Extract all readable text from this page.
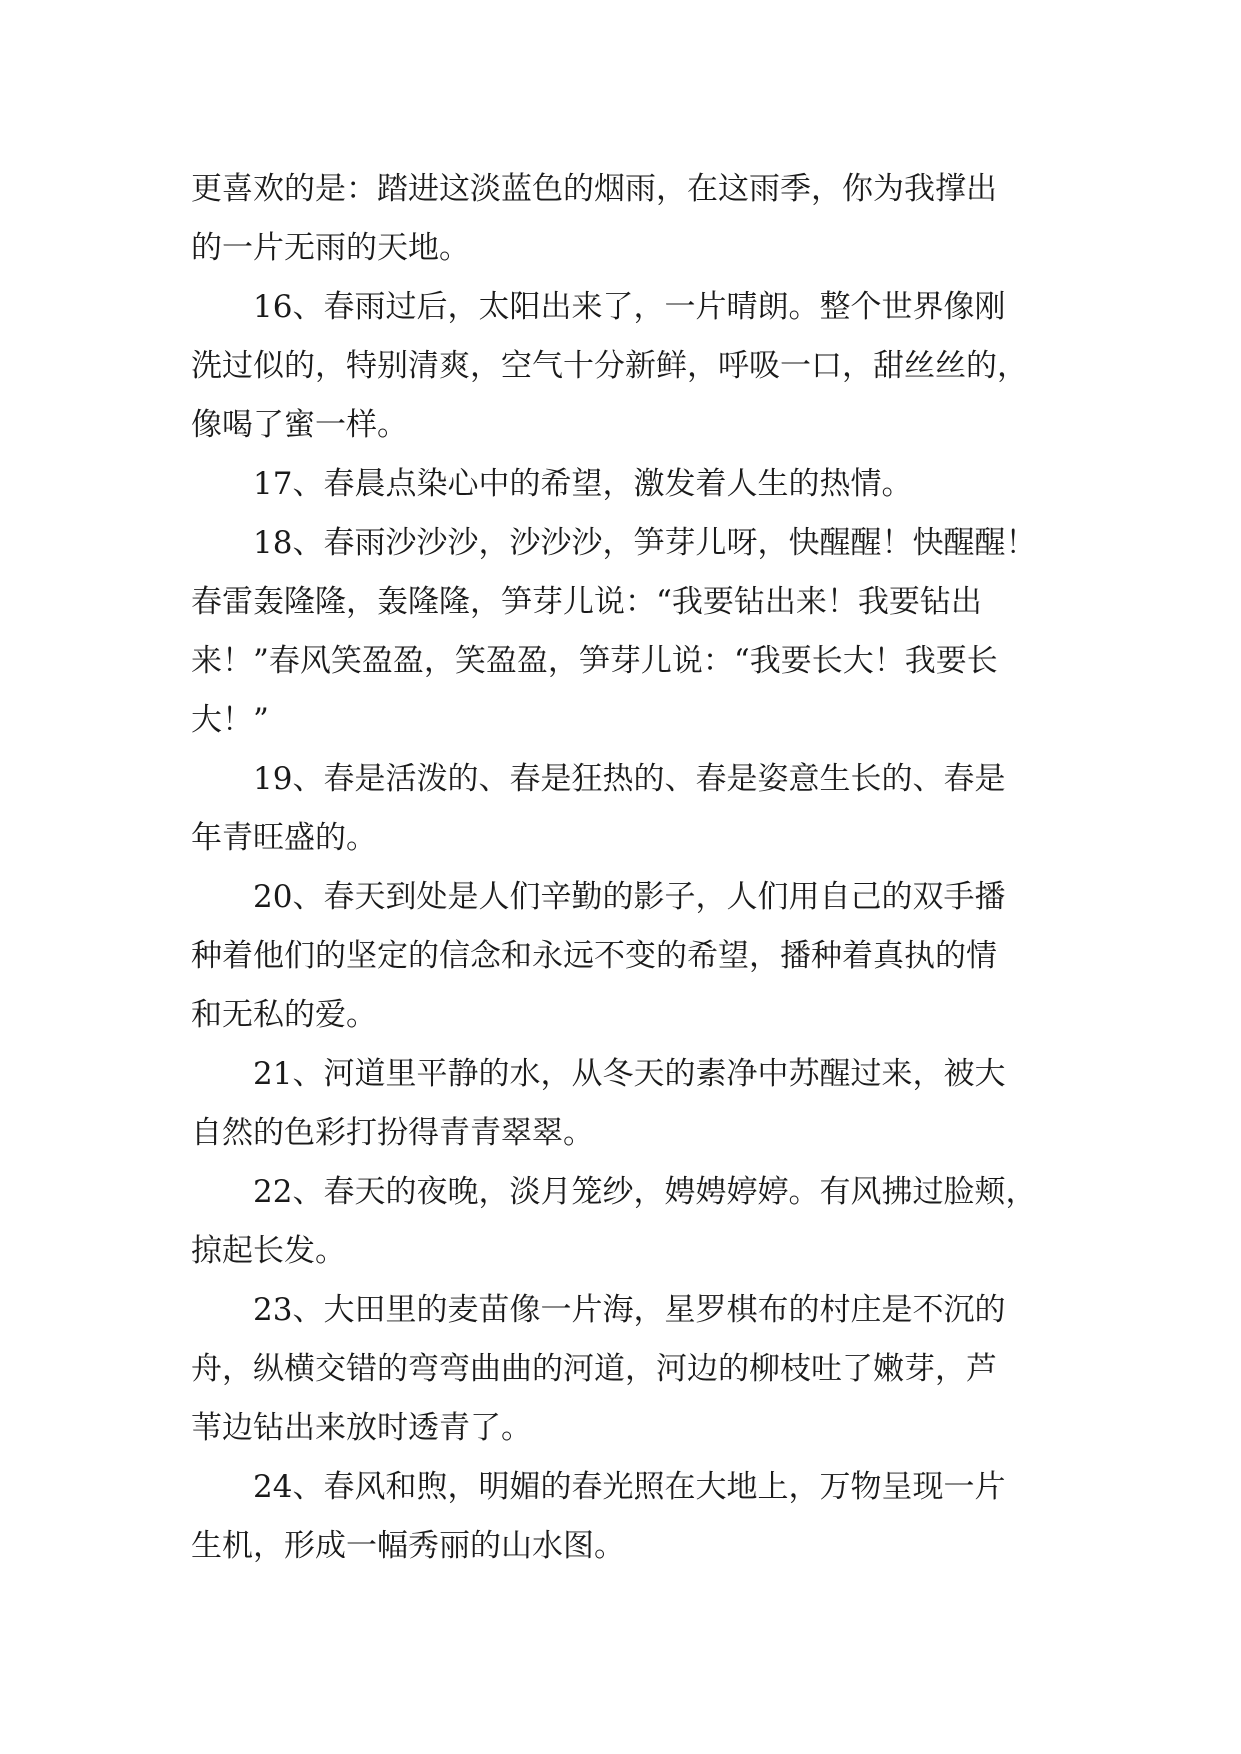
更喜欢的是：踏进这淡蓝色的烟雨，在这雨季，你为我撑出
的一片无雨的天地。
16、春雨过后，太阳出来了，一片晴朗。整个世界像刚
洗过似的，特别清爽，空气十分新鲜，呼吸一口，甜丝丝的，
像喝了蜜一样。
17、春晨点染心中的希望，激发着人生的热情。
18、春雨沙沙沙，沙沙沙，笋芽儿呀，快醒醒！快醒醒！
春雷轰隆隆，轰隆隆，笋芽儿说：“我要钻出来！我要钻出
来！”春风笑盈盈，笑盈盈，笋芽儿说：“我要长大！我要长
大！”
19、春是活泼的、春是狂热的、春是姿意生长的、春是
年青旺盛的。
20、春天到处是人们辛勤的影子，人们用自己的双手播
种着他们的坚定的信念和永远不变的希望，播种着真执的情
和无私的爱。
21、河道里平静的水，从冬天的素净中苏醒过来，被大
自然的色彩打扮得青青翠翠。
22、春天的夜晚，淡月笼纱，娉娉婷婷。有风拂过脸颊，
掠起长发。
23、大田里的麦苗像一片海，星罗棋布的村庄是不沉的
舟，纵横交错的弯弯曲曲的河道，河边的柳枝吐了嫩芽，芦
苇边钻出来放时透青了。
24、春风和煦，明媚的春光照在大地上，万物呈现一片
生机，形成一幅秀丽的山水图。
